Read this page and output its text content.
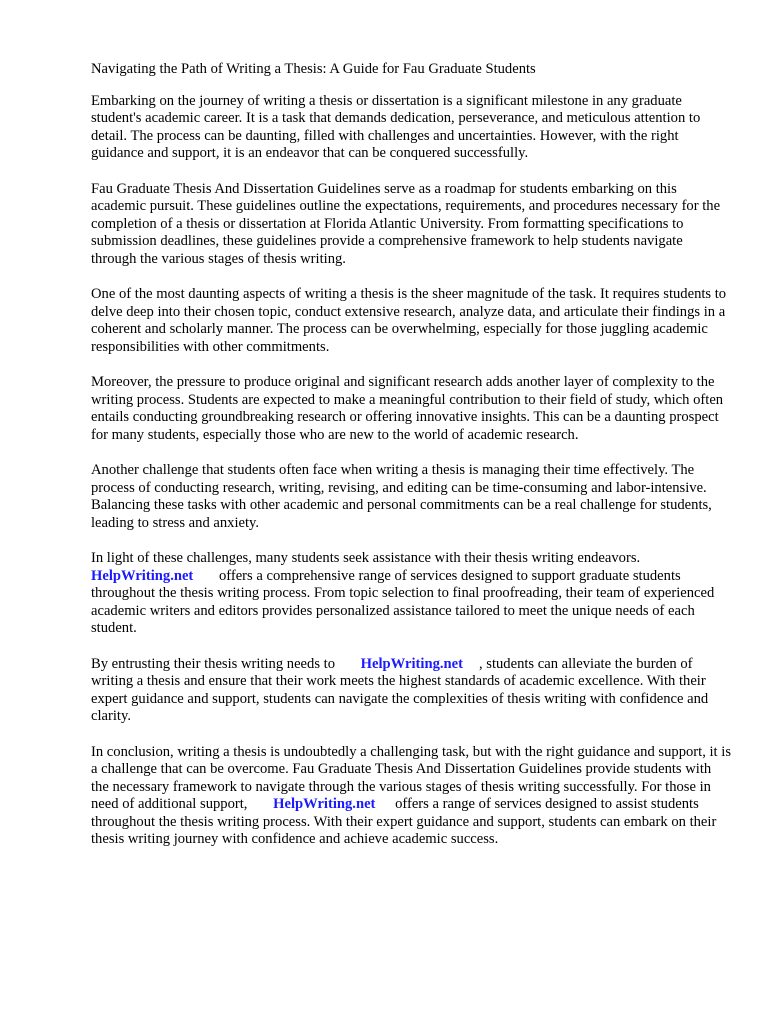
Navigating the Path of Writing a Thesis: A Guide for Fau Graduate Students

Embarking on the journey of writing a thesis or dissertation is a significant milestone in any graduate student's academic career. It is a task that demands dedication, perseverance, and meticulous attention to detail. The process can be daunting, filled with challenges and uncertainties. However, with the right guidance and support, it is an endeavor that can be conquered successfully.

Fau Graduate Thesis And Dissertation Guidelines serve as a roadmap for students embarking on this academic pursuit. These guidelines outline the expectations, requirements, and procedures necessary for the completion of a thesis or dissertation at Florida Atlantic University. From formatting specifications to submission deadlines, these guidelines provide a comprehensive framework to help students navigate through the various stages of thesis writing.

One of the most daunting aspects of writing a thesis is the sheer magnitude of the task. It requires students to delve deep into their chosen topic, conduct extensive research, analyze data, and articulate their findings in a coherent and scholarly manner. The process can be overwhelming, especially for those juggling academic responsibilities with other commitments.

Moreover, the pressure to produce original and significant research adds another layer of complexity to the writing process. Students are expected to make a meaningful contribution to their field of study, which often entails conducting groundbreaking research or offering innovative insights. This can be a daunting prospect for many students, especially those who are new to the world of academic research.

Another challenge that students often face when writing a thesis is managing their time effectively. The process of conducting research, writing, revising, and editing can be time-consuming and labor-intensive. Balancing these tasks with other academic and personal commitments can be a real challenge for students, leading to stress and anxiety.

In light of these challenges, many students seek assistance with their thesis writing endeavors. HelpWriting.net offers a comprehensive range of services designed to support graduate students throughout the thesis writing process. From topic selection to final proofreading, their team of experienced academic writers and editors provides personalized assistance tailored to meet the unique needs of each student.

By entrusting their thesis writing needs to HelpWriting.net , students can alleviate the burden of writing a thesis and ensure that their work meets the highest standards of academic excellence. With their expert guidance and support, students can navigate the complexities of thesis writing with confidence and clarity.

In conclusion, writing a thesis is undoubtedly a challenging task, but with the right guidance and support, it is a challenge that can be overcome. Fau Graduate Thesis And Dissertation Guidelines provide students with the necessary framework to navigate through the various stages of thesis writing successfully. For those in need of additional support, HelpWriting.net offers a range of services designed to assist students throughout the thesis writing process. With their expert guidance and support, students can embark on their thesis writing journey with confidence and achieve academic success.
